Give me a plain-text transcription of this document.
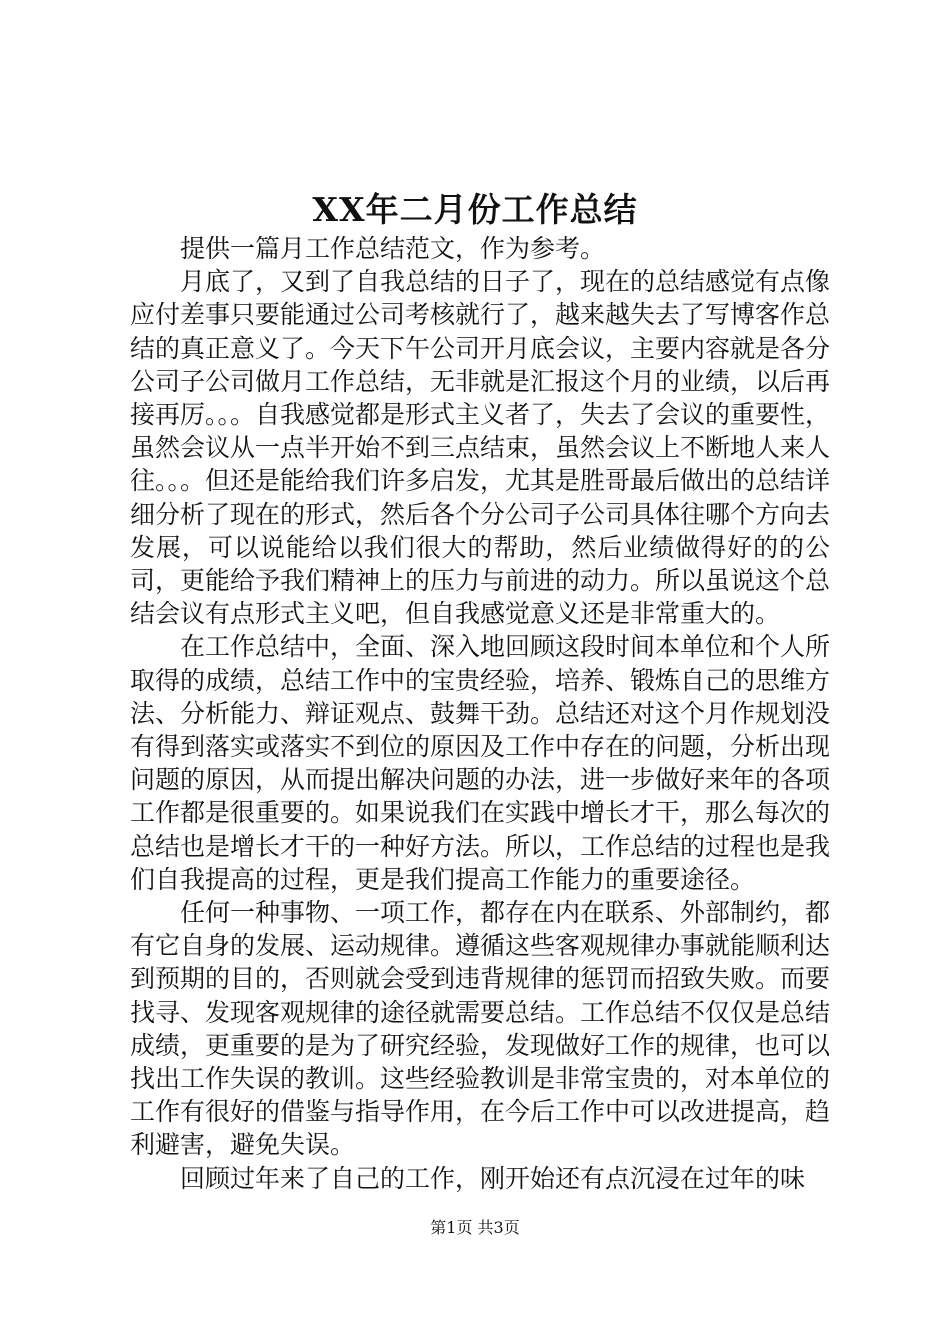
XX年二月份工作总结

提供一篇月工作总结范文，作为参考。

月底了，又到了自我总结的日子了，现在的总结感觉有点像应付差事只要能通过公司考核就行了，越来越失去了写博客作总结的真正意义了。今天下午公司开月底会议，主要内容就是各分公司子公司做月工作总结，无非就是汇报这个月的业绩，以后再接再厉。。。自我感觉都是形式主义者了，失去了会议的重要性，虽然会议从一点半开始不到三点结束，虽然会议上不断地人来人往。。。但还是能给我们许多启发，尤其是胜哥最后做出的总结详细分析了现在的形式，然后各个分公司子公司具体往哪个方向去发展，可以说能给以我们很大的帮助，然后业绩做得好的的公司，更能给予我们精神上的压力与前进的动力。所以虽说这个总结会议有点形式主义吧，但自我感觉意义还是非常重大的。

在工作总结中，全面、深入地回顾这段时间本单位和个人所取得的成绩，总结工作中的宝贵经验，培养、锻炼自己的思维方法、分析能力、辩证观点、鼓舞干劲。总结还对这个月作规划没有得到落实或落实不到位的原因及工作中存在的问题，分析出现问题的原因，从而提出解决问题的办法，进一步做好来年的各项工作都是很重要的。如果说我们在实践中增长才干，那么每次的总结也是增长才干的一种好方法。所以，工作总结的过程也是我们自我提高的过程，更是我们提高工作能力的重要途径。

任何一种事物、一项工作，都存在内在联系、外部制约，都有它自身的发展、运动规律。遵循这些客观规律办事就能顺利达到预期的目的，否则就会受到违背规律的惩罚而招致失败。而要找寻、发现客观规律的途径就需要总结。工作总结不仅仅是总结成绩，更重要的是为了研究经验，发现做好工作的规律，也可以找出工作失误的教训。这些经验教训是非常宝贵的，对本单位的工作有很好的借鉴与指导作用，在今后工作中可以改进提高，趋利避害，避免失误。

回顾过年来了自己的工作，刚开始还有点沉浸在过年的味

第1页 共3页
